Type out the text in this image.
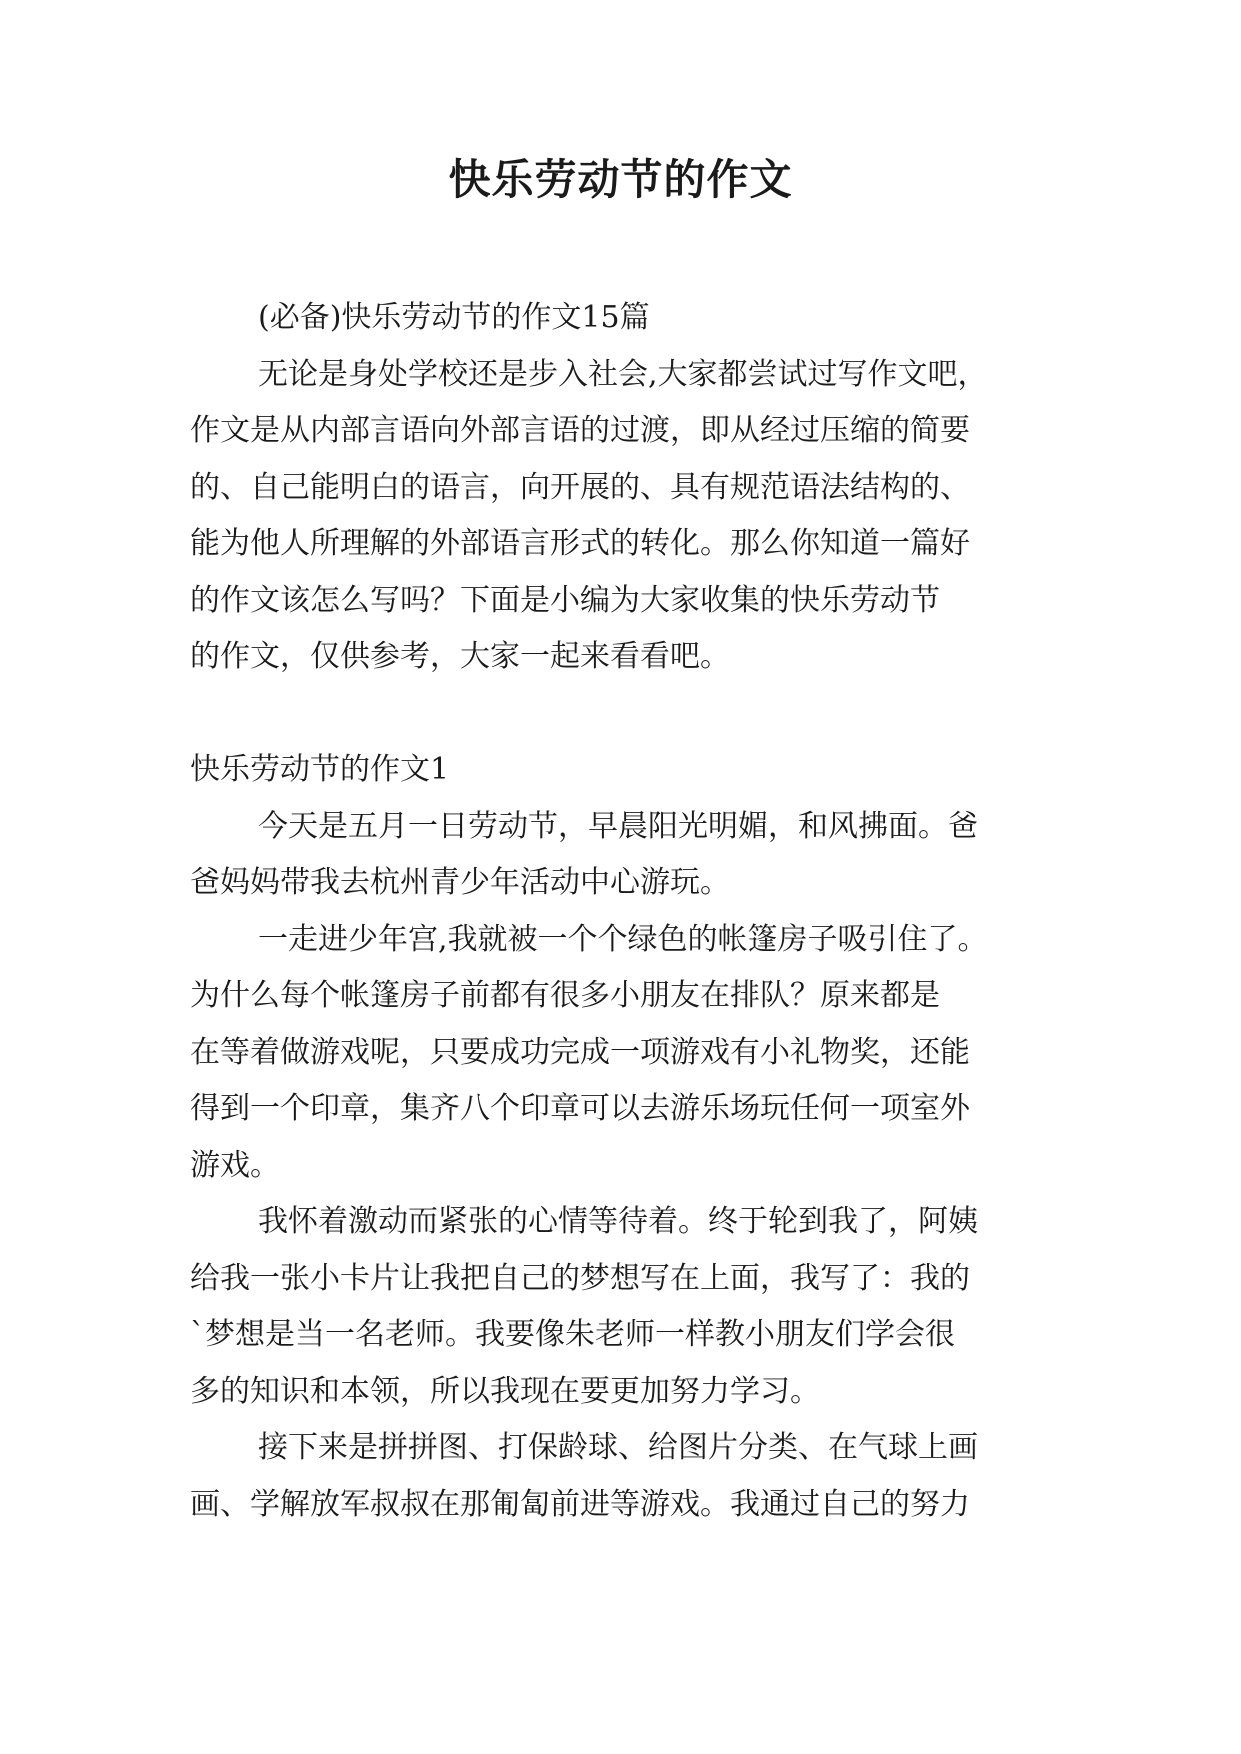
快乐劳动节的作文

(必备)快乐劳动节的作文15篇

无论是身处学校还是步入社会,大家都尝试过写作文吧，
作文是从内部言语向外部言语的过渡，即从经过压缩的简要
的、自己能明白的语言，向开展的、具有规范语法结构的、
能为他人所理解的外部语言形式的转化。那么你知道一篇好
的作文该怎么写吗？下面是小编为大家收集的快乐劳动节
的作文，仅供参考，大家一起来看看吧。

快乐劳动节的作文1

今天是五月一日劳动节，早晨阳光明媚，和风拂面。爸
爸妈妈带我去杭州青少年活动中心游玩。

一走进少年宫,我就被一个个绿色的帐篷房子吸引住了。
为什么每个帐篷房子前都有很多小朋友在排队？原来都是
在等着做游戏呢，只要成功完成一项游戏有小礼物奖，还能
得到一个印章，集齐八个印章可以去游乐场玩任何一项室外
游戏。

我怀着激动而紧张的心情等待着。终于轮到我了，阿姨
给我一张小卡片让我把自己的梦想写在上面，我写了：我的
`梦想是当一名老师。我要像朱老师一样教小朋友们学会很
多的知识和本领，所以我现在要更加努力学习。

接下来是拼拼图、打保龄球、给图片分类、在气球上画
画、学解放军叔叔在那匍匐前进等游戏。我通过自己的努力
